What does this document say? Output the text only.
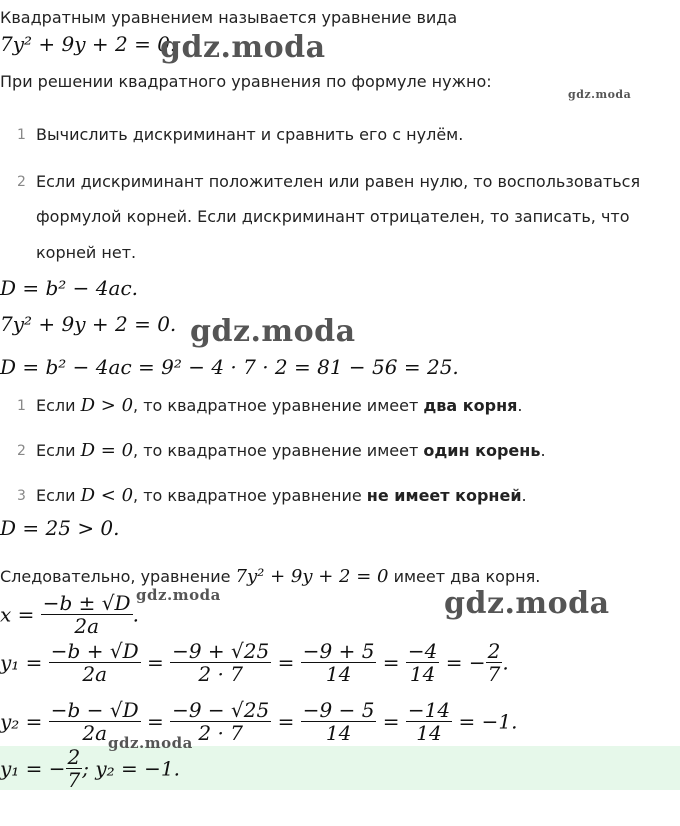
Квадратным уравнением называется уравнение вида
7y² + 9y + 2 = 0.
gdz.moda
При решении квадратного уравнения по формуле нужно:
gdz.moda
1 Вычислить дискриминант и сравнить его с нулём.
2 Если дискриминант положителен или равен нулю, то воспользоваться
формулой корней. Если дискриминант отрицателен, то записать, что
корней нет.
D = b² − 4ac.
7y² + 9y + 2 = 0. gdz.moda
D = b² − 4ac = 9² − 4 · 7 · 2 = 81 − 56 = 25.
1 Если D > 0, то квадратное уравнение имеет два корня.
2 Если D = 0, то квадратное уравнение имеет один корень.
3 Если D < 0, то квадратное уравнение не имеет корней.
D = 25 > 0.
Следовательно, уравнение 7y² + 9y + 2 = 0 имеет два корня.
$x = \frac{-b \pm √D}{2a}$ .
gdz.moda	gdz.moda
$y_1 = \frac{-b + √D}{2a} = \frac{-9 + √25}{2 \cdot 7} = \frac{-9 + 5}{14} = \frac{-4}{14}$ = − $\frac{2}{7}$ .
$y_2 = \frac{-b - √D}{2a} = \frac{-9 - √25}{2 \cdot 7} = \frac{-9 - 5}{14} = \frac{-14}{14} = -1$.
gdz.moda
y₁ = − $\frac{2}{7}$ ; y₂ = −1.
